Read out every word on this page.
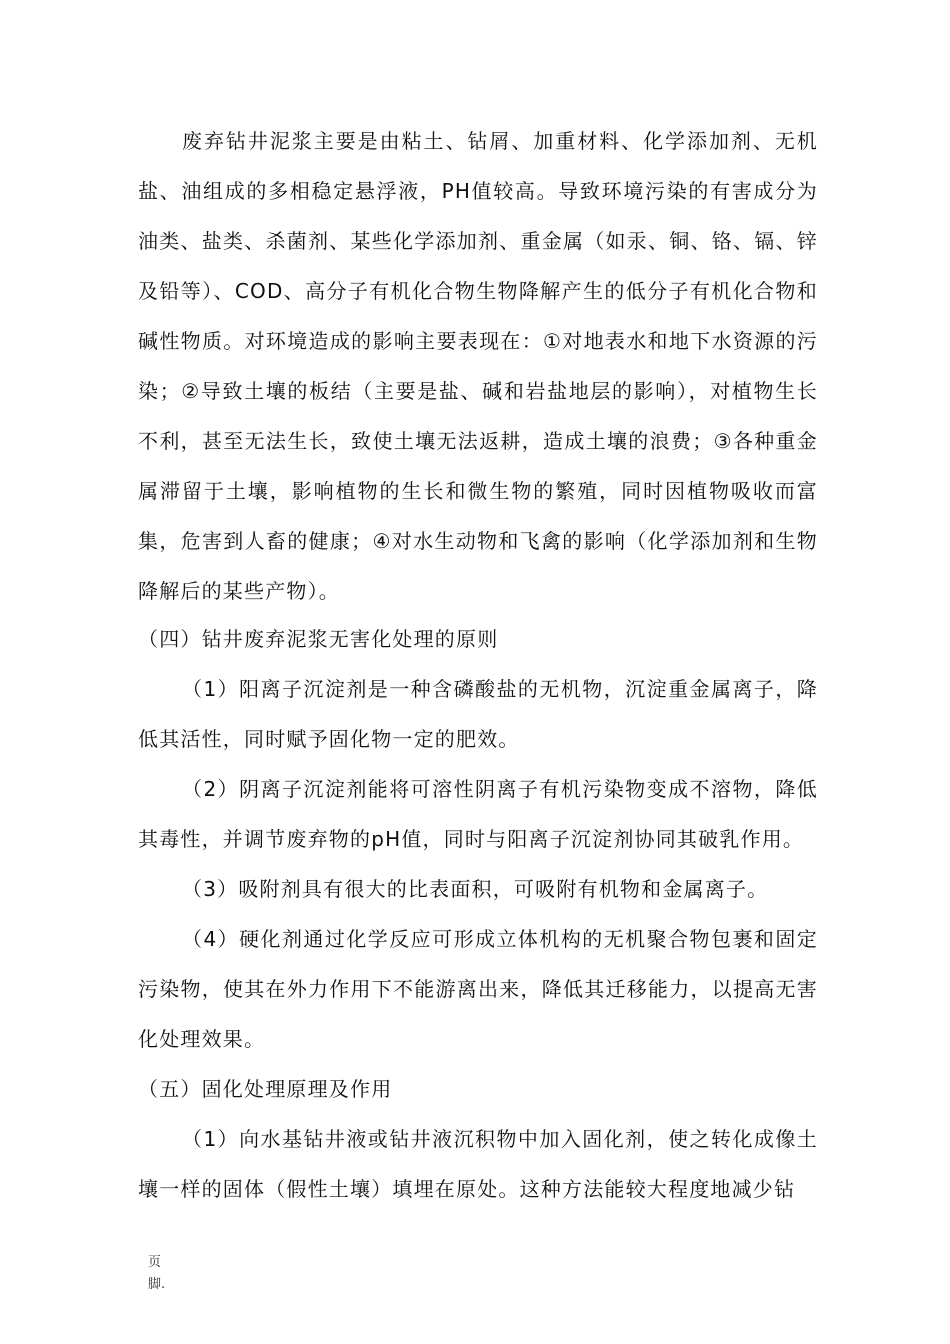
废弃钻井泥浆主要是由粘土、钻屑、加重材料、化学添加剂、无机盐、油组成的多相稳定悬浮液，PH值较高。导致环境污染的有害成分为油类、盐类、杀菌剂、某些化学添加剂、重金属（如汞、铜、铬、镉、锌及铅等）、COD、高分子有机化合物生物降解产生的低分子有机化合物和碱性物质。对环境造成的影响主要表现在：①对地表水和地下水资源的污染；②导致土壤的板结（主要是盐、碱和岩盐地层的影响），对植物生长不利，甚至无法生长，致使土壤无法返耕，造成土壤的浪费；③各种重金属滞留于土壤，影响植物的生长和微生物的繁殖，同时因植物吸收而富集，危害到人畜的健康；④对水生动物和飞禽的影响（化学添加剂和生物降解后的某些产物）。

（四）钻井废弃泥浆无害化处理的原则

（1）阳离子沉淀剂是一种含磷酸盐的无机物，沉淀重金属离子，降低其活性，同时赋予固化物一定的肥效。

（2）阴离子沉淀剂能将可溶性阴离子有机污染物变成不溶物，降低其毒性，并调节废弃物的pH值，同时与阳离子沉淀剂协同其破乳作用。

（3）吸附剂具有很大的比表面积，可吸附有机物和金属离子。

（4）硬化剂通过化学反应可形成立体机构的无机聚合物包裹和固定污染物，使其在外力作用下不能游离出来，降低其迁移能力，以提高无害化处理效果。

（五）固化处理原理及作用

（1）向水基钻井液或钻井液沉积物中加入固化剂，使之转化成像土壤一样的固体（假性土壤）填埋在原处。这种方法能较大程度地减少钻

页脚.
